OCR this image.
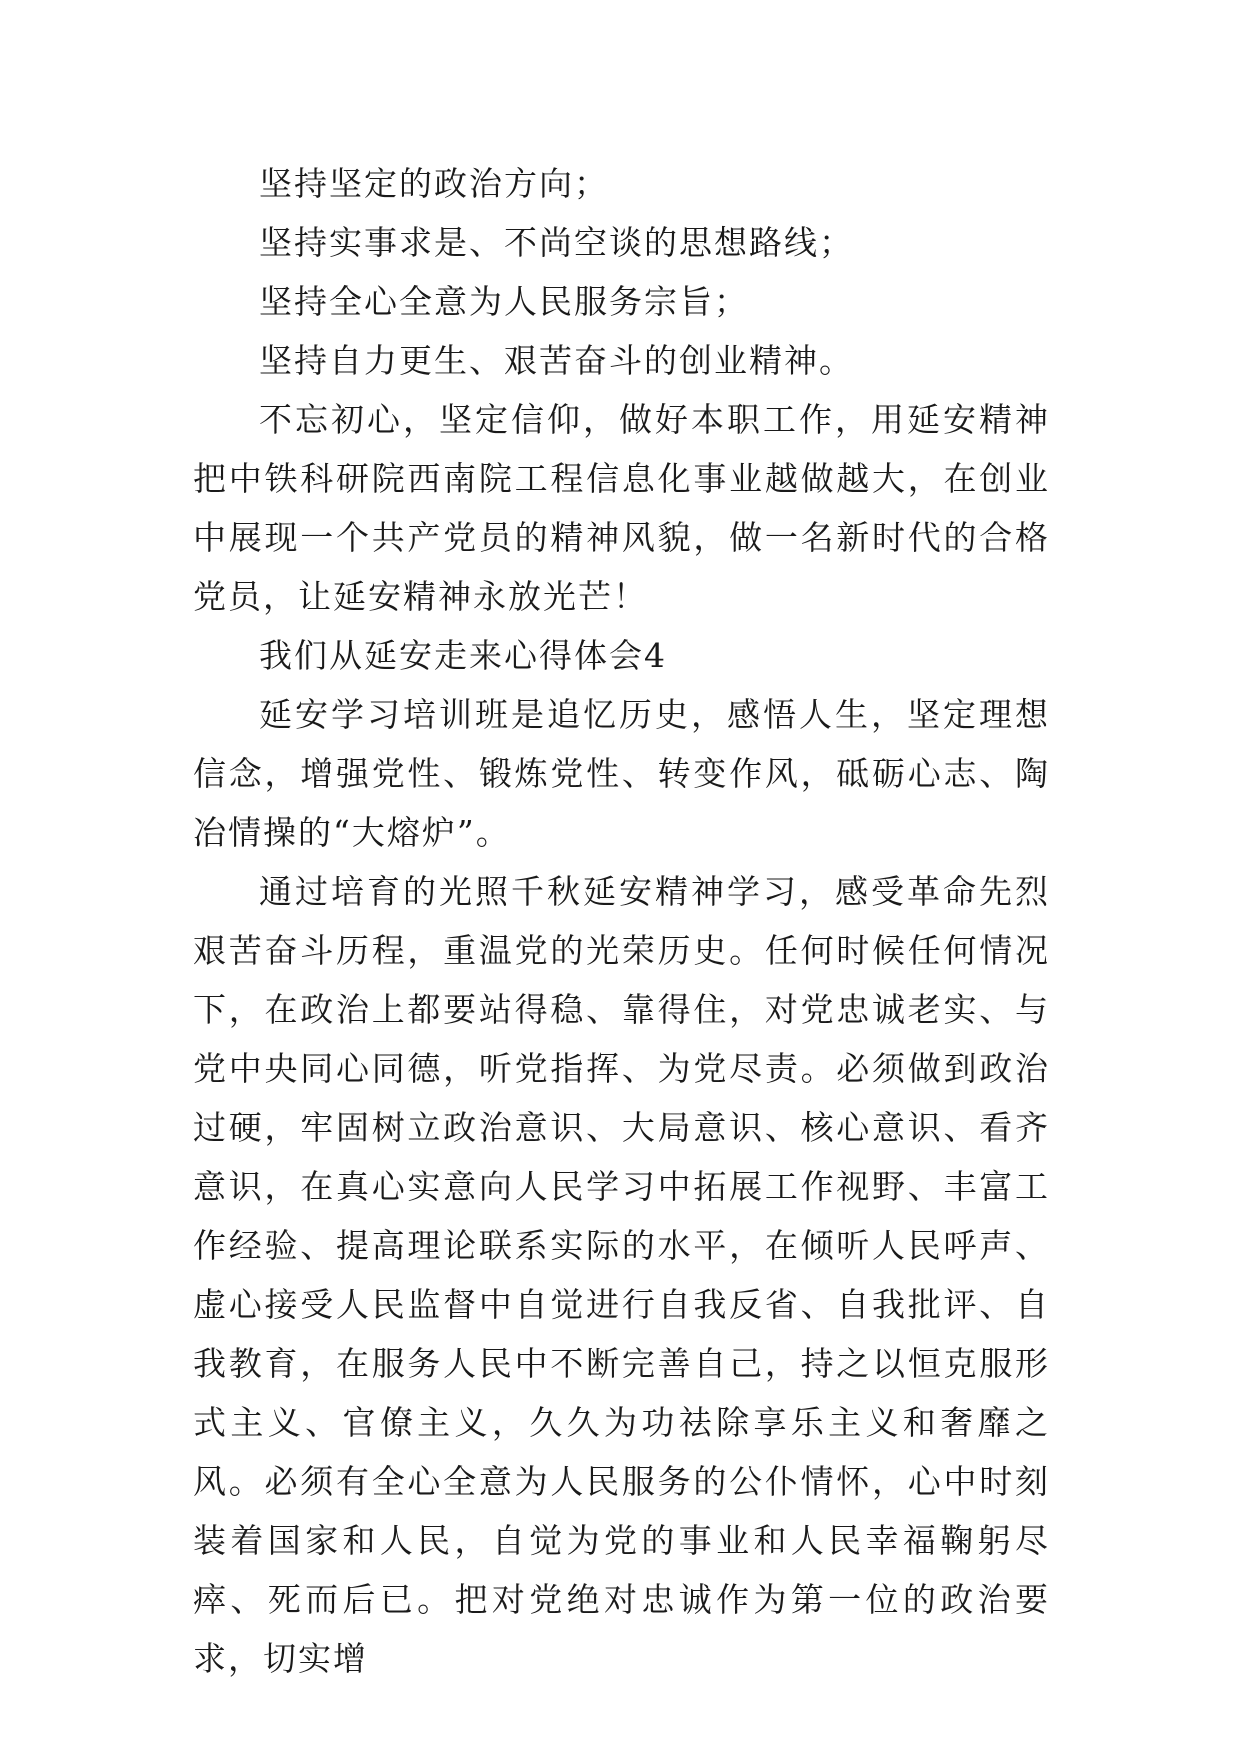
坚持坚定的政治方向；

坚持实事求是、不尚空谈的思想路线；

坚持全心全意为人民服务宗旨；

坚持自力更生、艰苦奋斗的创业精神。

不忘初心，坚定信仰，做好本职工作，用延安精神把中铁科研院西南院工程信息化事业越做越大，在创业中展现一个共产党员的精神风貌，做一名新时代的合格党员，让延安精神永放光芒！

我们从延安走来心得体会4

延安学习培训班是追忆历史，感悟人生，坚定理想信念，增强党性、锻炼党性、转变作风，砥砺心志、陶冶情操的“大熔炉”。

通过培育的光照千秋延安精神学习，感受革命先烈艰苦奋斗历程，重温党的光荣历史。任何时候任何情况下，在政治上都要站得稳、靠得住，对党忠诚老实、与党中央同心同德，听党指挥、为党尽责。必须做到政治过硬，牢固树立政治意识、大局意识、核心意识、看齐意识，在真心实意向人民学习中拓展工作视野、丰富工作经验、提高理论联系实际的水平，在倾听人民呼声、虚心接受人民监督中自觉进行自我反省、自我批评、自我教育，在服务人民中不断完善自己，持之以恒克服形式主义、官僚主义，久久为功祛除享乐主义和奢靡之风。必须有全心全意为人民服务的公仆情怀，心中时刻装着国家和人民，自觉为党的事业和人民幸福鞠躬尽瘁、死而后已。把对党绝对忠诚作为第一位的政治要求，切实增
